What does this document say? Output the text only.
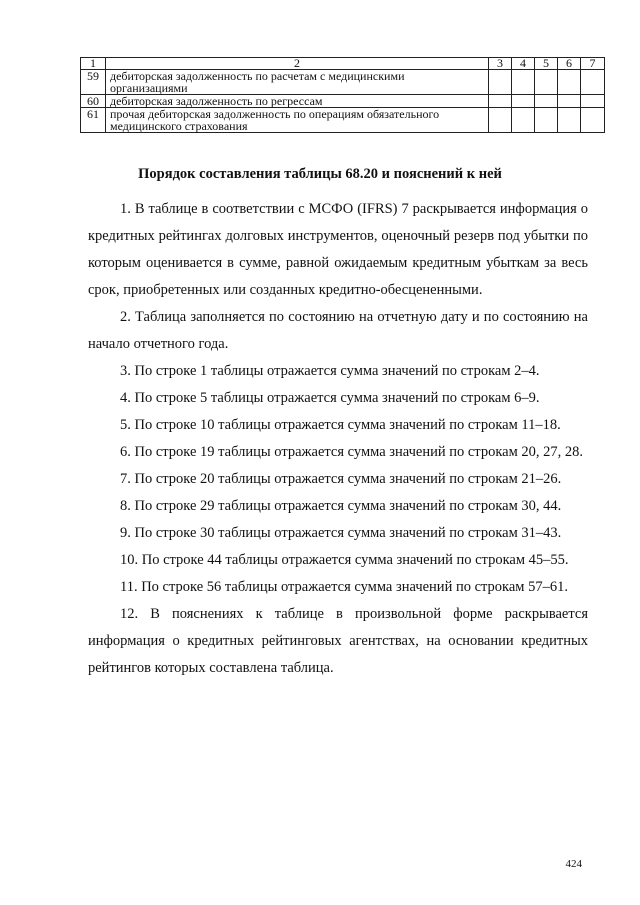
1	2	3	4	5	6	7
59	дебиторская задолженность по расчетам с медицинскими организациями					
60	дебиторская задолженность по регрессам					
61	прочая дебиторская задолженность по операциям обязательного медицинского страхования					
Порядок составления таблицы 68.20 и пояснений к ней

1. В таблице в соответствии с МСФО (IFRS) 7 раскрывается информация о кредитных рейтингах долговых инструментов, оценочный резерв под убытки по которым оценивается в сумме, равной ожидаемым кредитным убыткам за весь срок, приобретенных или созданных кредитно-обесцененными.

2. Таблица заполняется по состоянию на отчетную дату и по состоянию на начало отчетного года.

3. По строке 1 таблицы отражается сумма значений по строкам 2–4.

4. По строке 5 таблицы отражается сумма значений по строкам 6–9.

5. По строке 10 таблицы отражается сумма значений по строкам 11–18.

6. По строке 19 таблицы отражается сумма значений по строкам 20, 27, 28.

7. По строке 20 таблицы отражается сумма значений по строкам 21–26.

8. По строке 29 таблицы отражается сумма значений по строкам 30, 44.

9. По строке 30 таблицы отражается сумма значений по строкам 31–43.

10. По строке 44 таблицы отражается сумма значений по строкам 45–55.

11. По строке 56 таблицы отражается сумма значений по строкам 57–61.

12. В пояснениях к таблице в произвольной форме раскрывается информация о кредитных рейтинговых агентствах, на основании кредитных рейтингов которых составлена таблица.

424
